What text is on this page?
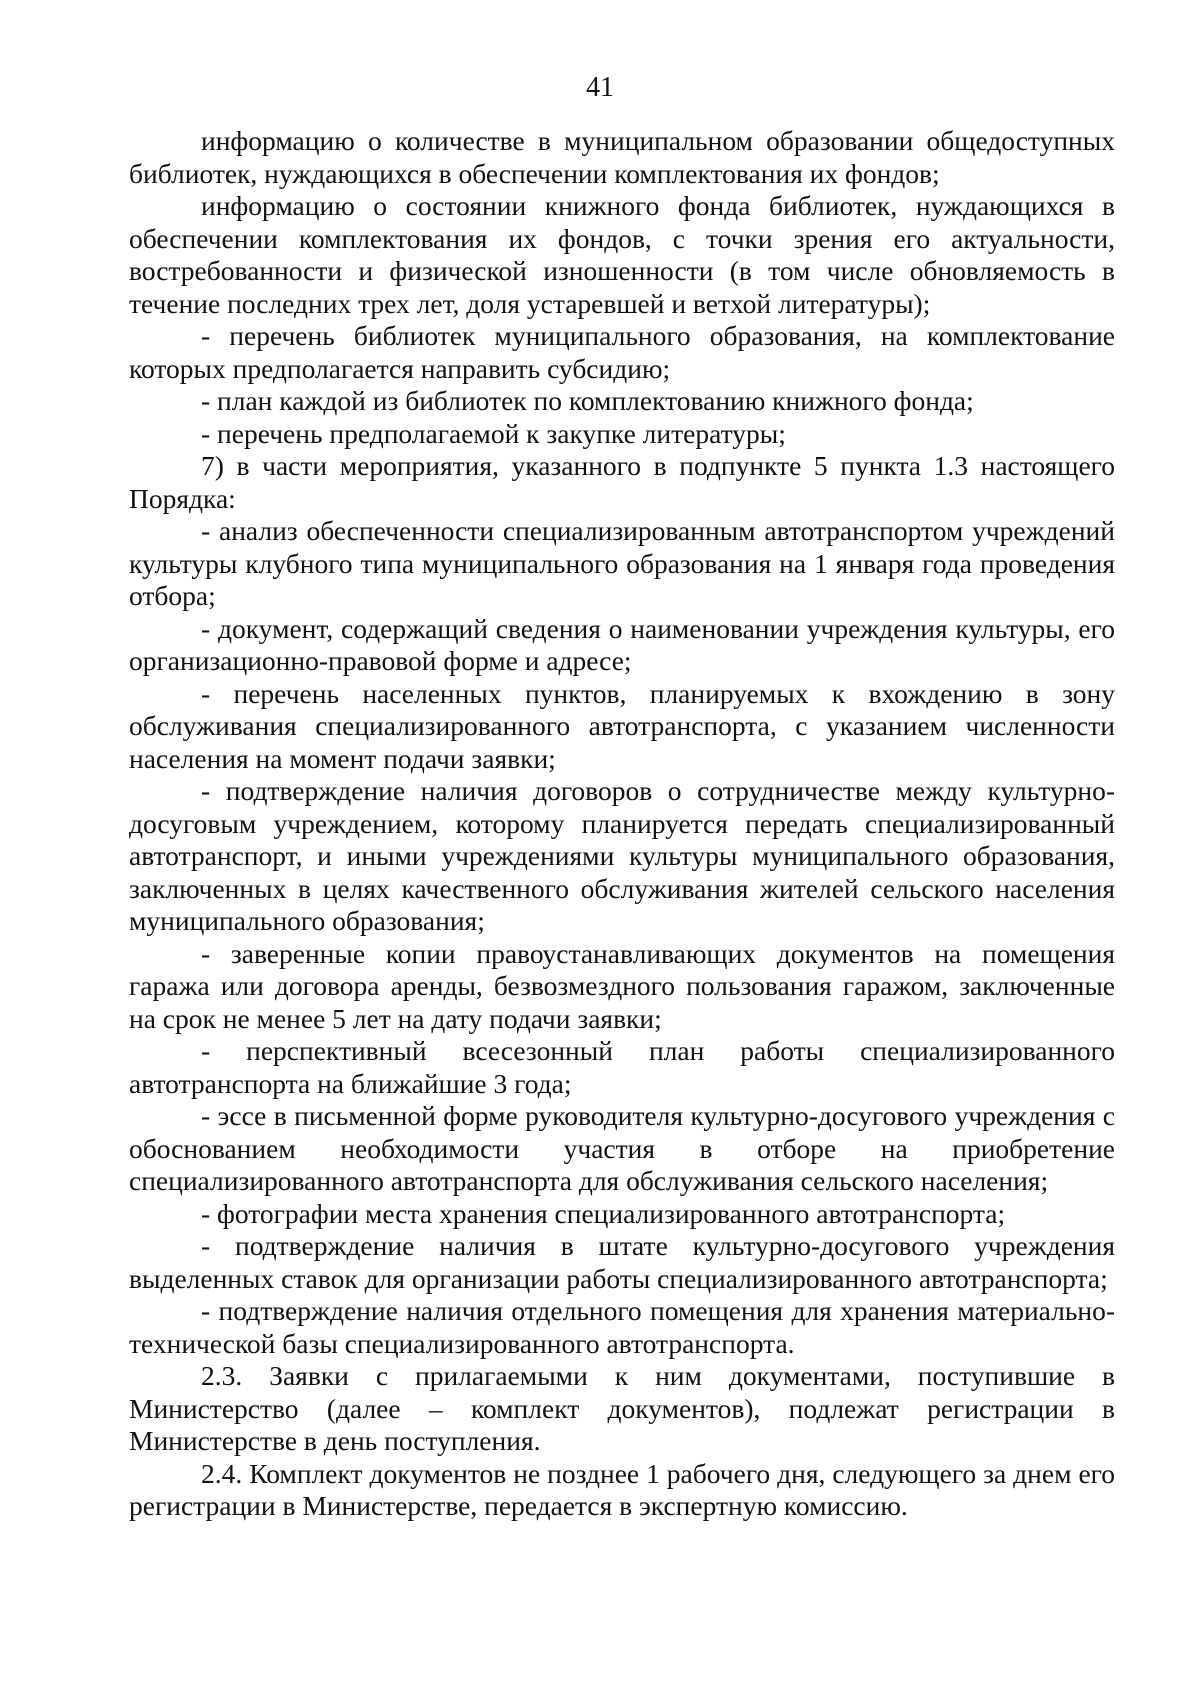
41

информацию о количестве в муниципальном образовании общедоступных библиотек, нуждающихся в обеспечении комплектования их фондов;

информацию о состоянии книжного фонда библиотек, нуждающихся в обеспечении комплектования их фондов, с точки зрения его актуальности, востребованности и физической изношенности (в том числе обновляемость в течение последних трех лет, доля устаревшей и ветхой литературы);

- перечень библиотек муниципального образования, на комплектование которых предполагается направить субсидию;

- план каждой из библиотек по комплектованию книжного фонда;

- перечень предполагаемой к закупке литературы;

7) в части мероприятия, указанного в подпункте 5 пункта 1.3 настоящего Порядка:

- анализ обеспеченности специализированным автотранспортом учреждений культуры клубного типа муниципального образования на 1 января года проведения отбора;

- документ, содержащий сведения о наименовании учреждения культуры, его организационно-правовой форме и адресе;

- перечень населенных пунктов, планируемых к вхождению в зону обслуживания специализированного автотранспорта, с указанием численности населения на момент подачи заявки;

- подтверждение наличия договоров о сотрудничестве между культурно-досуговым учреждением, которому планируется передать специализированный автотранспорт, и иными учреждениями культуры муниципального образования, заключенных в целях качественного обслуживания жителей сельского населения муниципального образования;

- заверенные копии правоустанавливающих документов на помещения гаража или договора аренды, безвозмездного пользования гаражом, заключенные на срок не менее 5 лет на дату подачи заявки;

- перспективный всесезонный план работы специализированного автотранспорта на ближайшие 3 года;

- эссе в письменной форме руководителя культурно-досугового учреждения с обоснованием необходимости участия в отборе на приобретение специализированного автотранспорта для обслуживания сельского населения;

- фотографии места хранения специализированного автотранспорта;

- подтверждение наличия в штате культурно-досугового учреждения выделенных ставок для организации работы специализированного автотранспорта;

- подтверждение наличия отдельного помещения для хранения материально-технической базы специализированного автотранспорта.

2.3. Заявки с прилагаемыми к ним документами, поступившие в Министерство (далее – комплект документов), подлежат регистрации в Министерстве в день поступления.

2.4. Комплект документов не позднее 1 рабочего дня, следующего за днем его регистрации в Министерстве, передается в экспертную комиссию.
